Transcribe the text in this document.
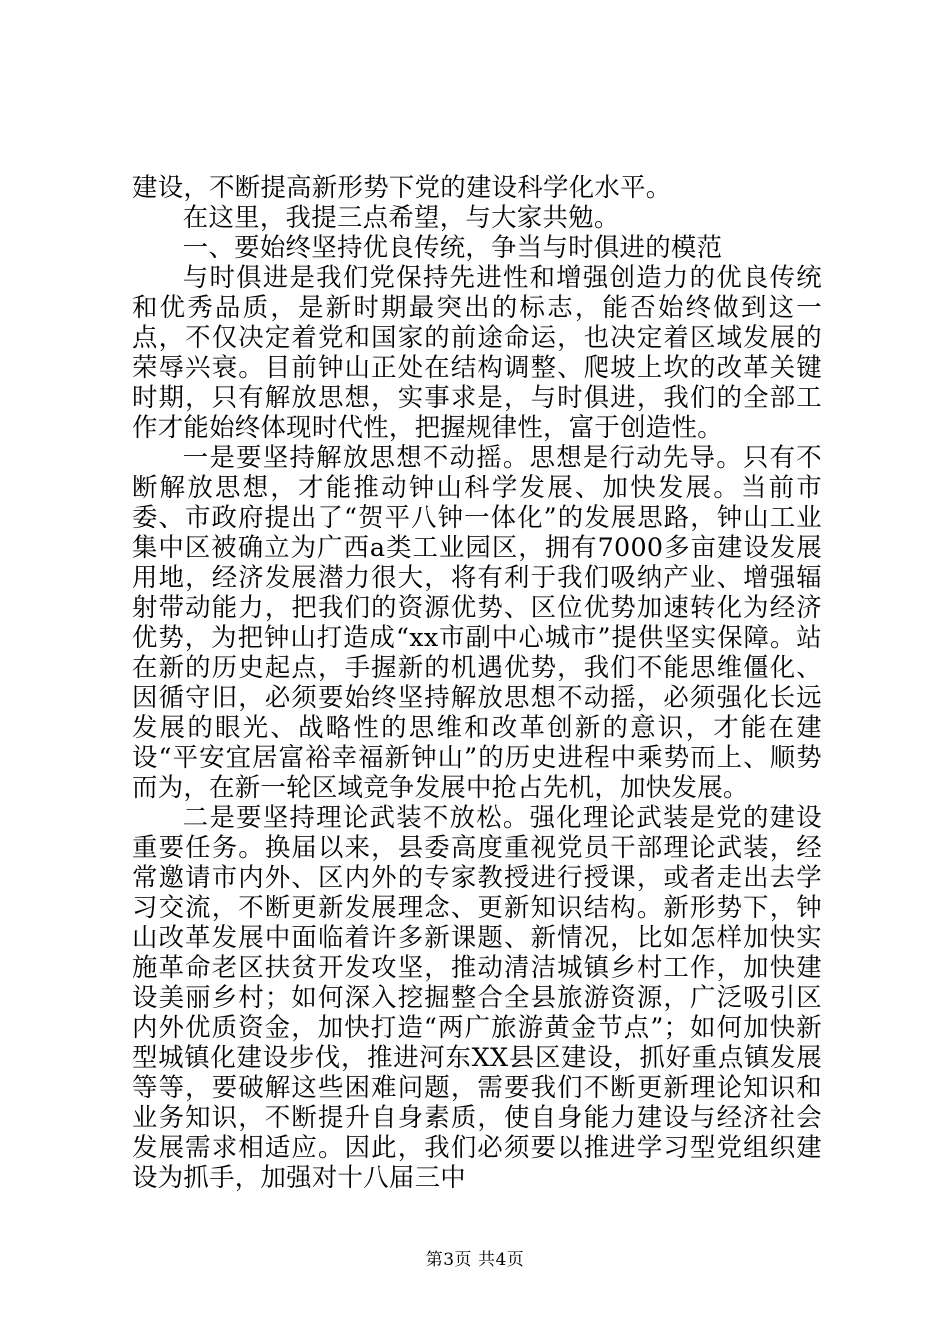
建设，不断提高新形势下党的建设科学化水平。

在这里，我提三点希望，与大家共勉。

一、要始终坚持优良传统，争当与时俱进的模范

与时俱进是我们党保持先进性和增强创造力的优良传统和优秀品质，是新时期最突出的标志，能否始终做到这一点，不仅决定着党和国家的前途命运，也决定着区域发展的荣辱兴衰。目前钟山正处在结构调整、爬坡上坎的改革关键时期，只有解放思想，实事求是，与时俱进，我们的全部工作才能始终体现时代性，把握规律性，富于创造性。

一是要坚持解放思想不动摇。思想是行动先导。只有不断解放思想，才能推动钟山科学发展、加快发展。当前市委、市政府提出了“贺平八钟一体化”的发展思路，钟山工业集中区被确立为广西a类工业园区，拥有7000多亩建设发展用地，经济发展潜力很大，将有利于我们吸纳产业、增强辐射带动能力，把我们的资源优势、区位优势加速转化为经济优势，为把钟山打造成“xx市副中心城市”提供坚实保障。站在新的历史起点，手握新的机遇优势，我们不能思维僵化、因循守旧，必须要始终坚持解放思想不动摇，必须强化长远发展的眼光、战略性的思维和改革创新的意识，才能在建设“平安宜居富裕幸福新钟山”的历史进程中乘势而上、顺势而为，在新一轮区域竞争发展中抢占先机，加快发展。

二是要坚持理论武装不放松。强化理论武装是党的建设重要任务。换届以来，县委高度重视党员干部理论武装，经常邀请市内外、区内外的专家教授进行授课，或者走出去学习交流，不断更新发展理念、更新知识结构。新形势下，钟山改革发展中面临着许多新课题、新情况，比如怎样加快实施革命老区扶贫开发攻坚，推动清洁城镇乡村工作，加快建设美丽乡村；如何深入挖掘整合全县旅游资源，广泛吸引区内外优质资金，加快打造“两广旅游黄金节点”；如何加快新型城镇化建设步伐，推进河东XX县区建设，抓好重点镇发展等等，要破解这些困难问题，需要我们不断更新理论知识和业务知识，不断提升自身素质，使自身能力建设与经济社会发展需求相适应。因此，我们必须要以推进学习型党组织建设为抓手，加强对十八届三中

第3页 共4页
